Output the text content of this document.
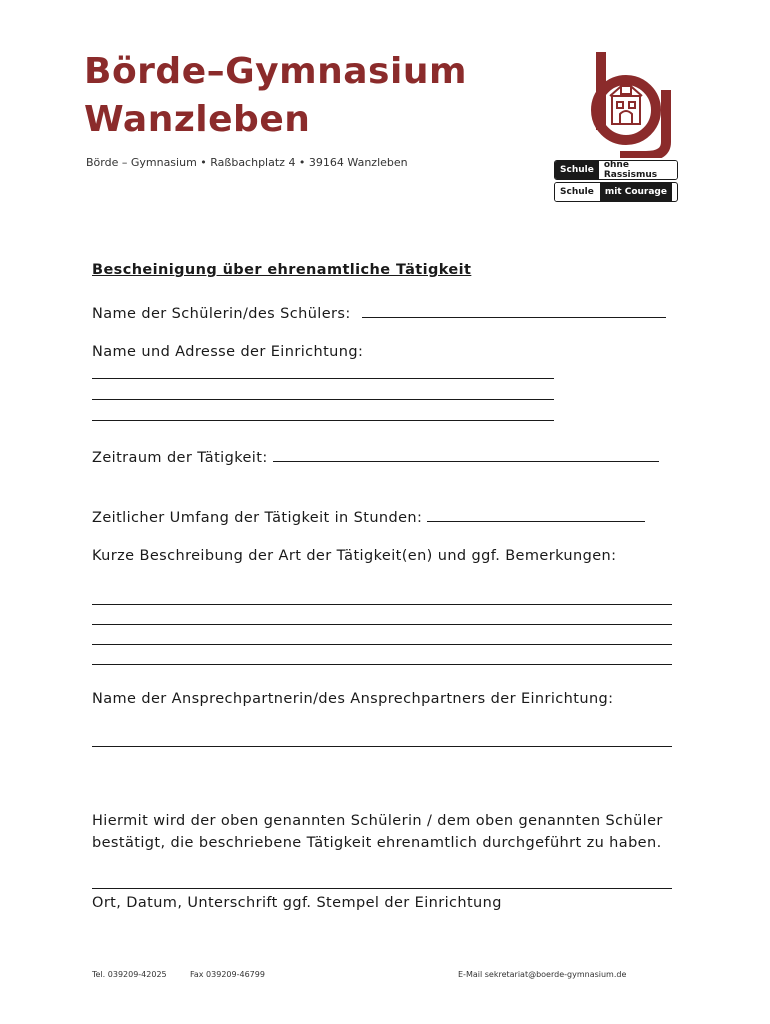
Börde–Gymnasium
Wanzleben
Börde – Gymnasium • Raßbachplatz 4 • 39164 Wanzleben
Schule	ohne Rassismus
Schule	mit Courage
Bescheinigung über ehrenamtliche Tätigkeit
Name der Schülerin/des Schülers:
Name und Adresse der Einrichtung:
Zeitraum der Tätigkeit:
Zeitlicher Umfang der Tätigkeit in Stunden:
Kurze Beschreibung der Art der Tätigkeit(en) und ggf. Bemerkungen:
Name der Ansprechpartnerin/des Ansprechpartners der Einrichtung:
Hiermit wird der oben genannten Schülerin / dem oben genannten Schüler
bestätigt, die beschriebene Tätigkeit ehrenamtlich durchgeführt zu haben.
Ort, Datum, Unterschrift ggf. Stempel der Einrichtung
Tel. 039209-42025	Fax 039209-46799	E-Mail sekretariat@boerde-gymnasium.de
